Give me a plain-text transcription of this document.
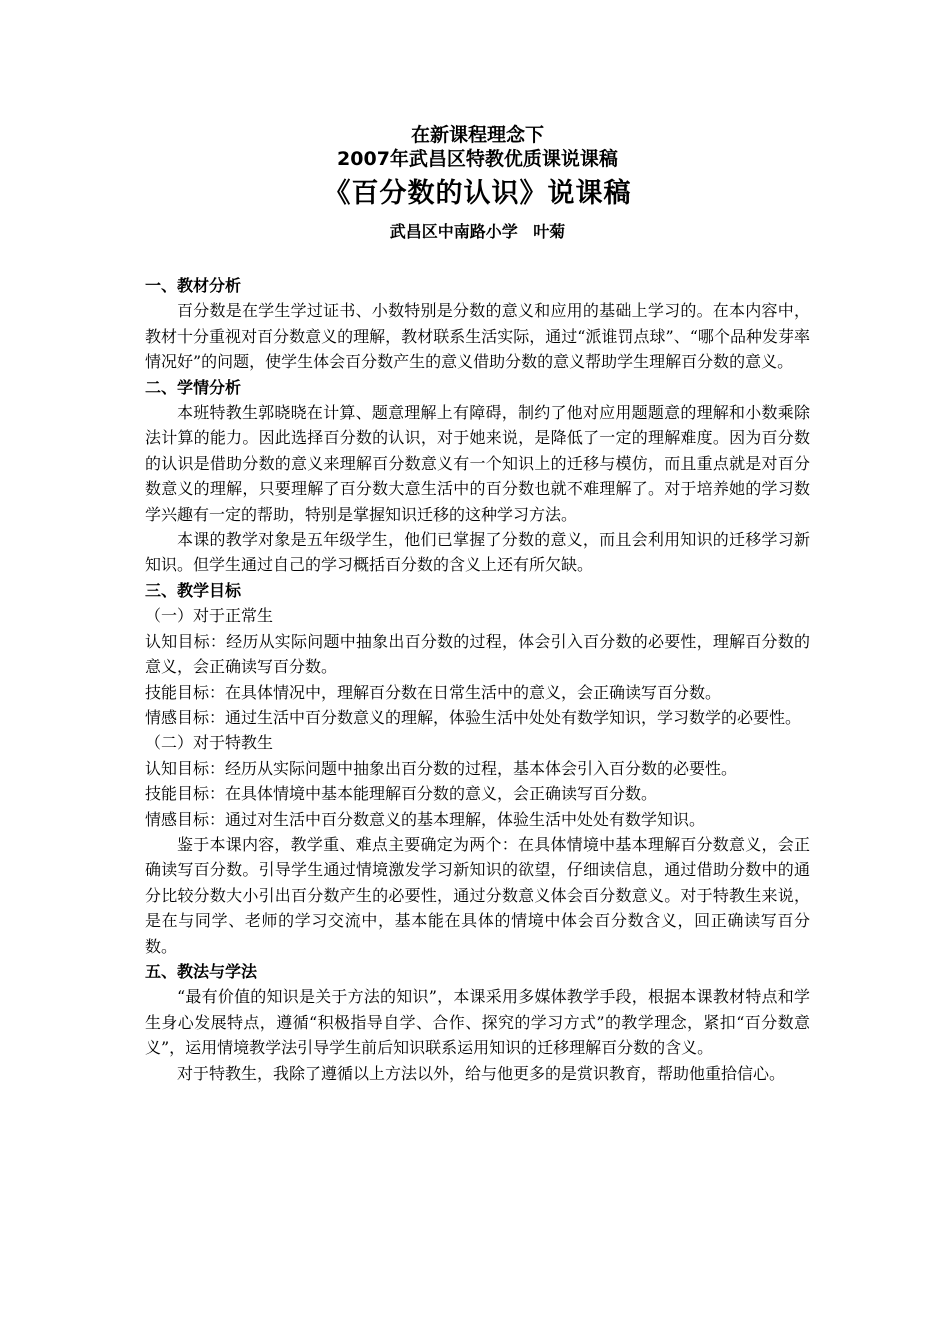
在新课程理念下
2007年武昌区特教优质课说课稿
《百分数的认识》说课稿
武昌区中南路小学 叶菊

一、教材分析

百分数是在学生学过证书、小数特别是分数的意义和应用的基础上学习的。在本内容中，教材十分重视对百分数意义的理解，教材联系生活实际，通过“派谁罚点球”、“哪个品种发芽率情况好”的问题，使学生体会百分数产生的意义借助分数的意义帮助学生理解百分数的意义。

二、学情分析

本班特教生郭晓晓在计算、题意理解上有障碍，制约了他对应用题题意的理解和小数乘除法计算的能力。因此选择百分数的认识，对于她来说，是降低了一定的理解难度。因为百分数的认识是借助分数的意义来理解百分数意义有一个知识上的迁移与模仿，而且重点就是对百分数意义的理解，只要理解了百分数大意生活中的百分数也就不难理解了。对于培养她的学习数学兴趣有一定的帮助，特别是掌握知识迁移的这种学习方法。

本课的教学对象是五年级学生，他们已掌握了分数的意义，而且会利用知识的迁移学习新知识。但学生通过自己的学习概括百分数的含义上还有所欠缺。

三、教学目标

（一）对于正常生

认知目标：经历从实际问题中抽象出百分数的过程，体会引入百分数的必要性，理解百分数的意义，会正确读写百分数。

技能目标：在具体情况中，理解百分数在日常生活中的意义，会正确读写百分数。

情感目标：通过生活中百分数意义的理解，体验生活中处处有数学知识，学习数学的必要性。

（二）对于特教生

认知目标：经历从实际问题中抽象出百分数的过程，基本体会引入百分数的必要性。

技能目标：在具体情境中基本能理解百分数的意义，会正确读写百分数。

情感目标：通过对生活中百分数意义的基本理解，体验生活中处处有数学知识。

鉴于本课内容，教学重、难点主要确定为两个：在具体情境中基本理解百分数意义，会正确读写百分数。引导学生通过情境激发学习新知识的欲望，仔细读信息，通过借助分数中的通分比较分数大小引出百分数产生的必要性，通过分数意义体会百分数意义。对于特教生来说，是在与同学、老师的学习交流中，基本能在具体的情境中体会百分数含义，回正确读写百分数。

五、教法与学法

“最有价值的知识是关于方法的知识”，本课采用多媒体教学手段，根据本课教材特点和学生身心发展特点，遵循“积极指导自学、合作、探究的学习方式”的教学理念，紧扣“百分数意义”，运用情境教学法引导学生前后知识联系运用知识的迁移理解百分数的含义。

对于特教生，我除了遵循以上方法以外，给与他更多的是赏识教育，帮助他重拾信心。
